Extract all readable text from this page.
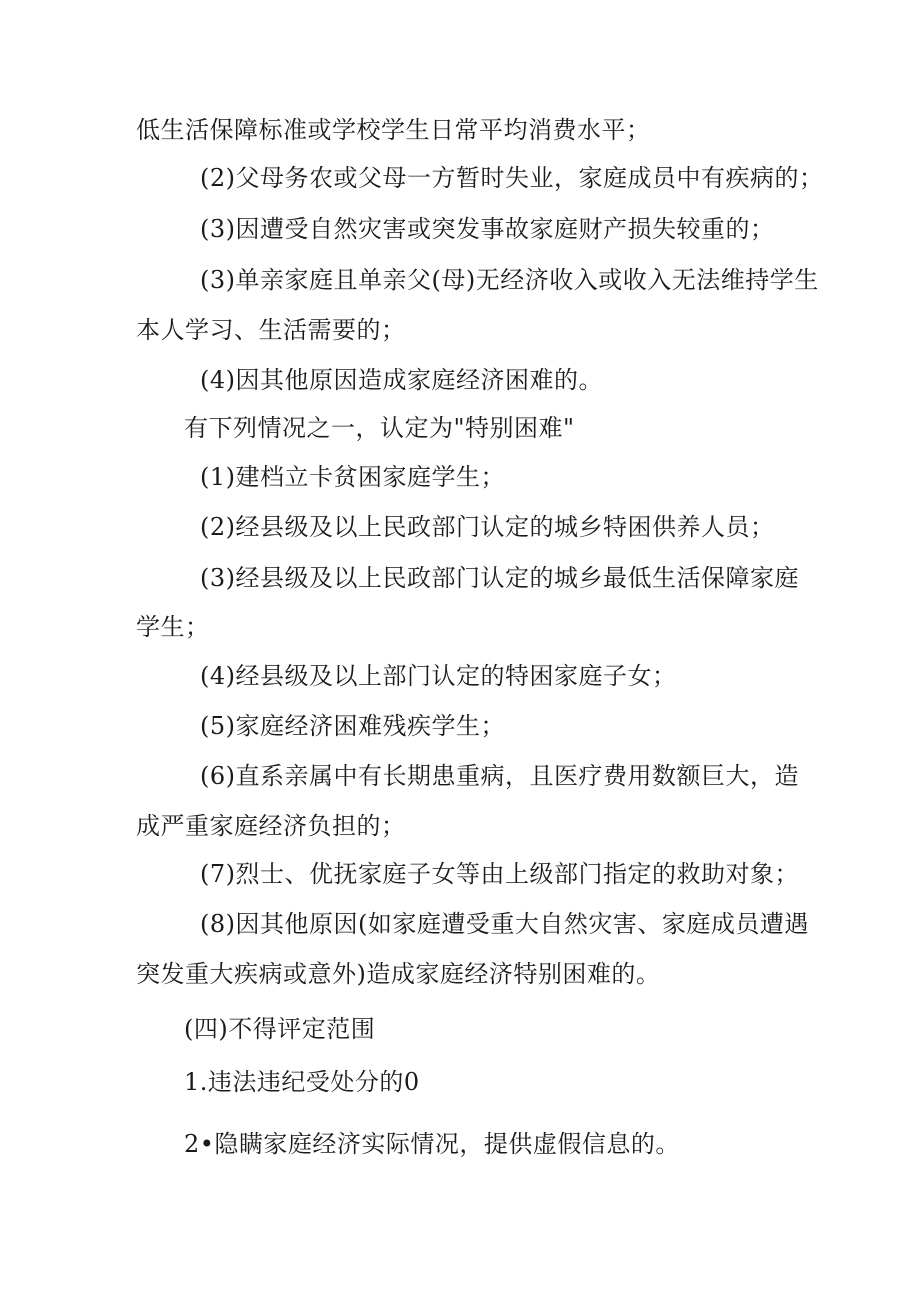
低生活保障标准或学校学生日常平均消费水平；
(2)父母务农或父母一方暂时失业，家庭成员中有疾病的；
(3)因遭受自然灾害或突发事故家庭财产损失较重的；
(3)单亲家庭且单亲父(母)无经济收入或收入无法维持学生
本人学习、生活需要的；
(4)因其他原因造成家庭经济困难的。
有下列情况之一，认定为"特别困难"
(1)建档立卡贫困家庭学生；
(2)经县级及以上民政部门认定的城乡特困供养人员；
(3)经县级及以上民政部门认定的城乡最低生活保障家庭
学生；
(4)经县级及以上部门认定的特困家庭子女；
(5)家庭经济困难残疾学生；
(6)直系亲属中有长期患重病，且医疗费用数额巨大，造
成严重家庭经济负担的；
(7)烈士、优抚家庭子女等由上级部门指定的救助对象；
(8)因其他原因(如家庭遭受重大自然灾害、家庭成员遭遇
突发重大疾病或意外)造成家庭经济特别困难的。
(四)不得评定范围
1.违法违纪受处分的0
2•隐瞒家庭经济实际情况，提供虚假信息的。
